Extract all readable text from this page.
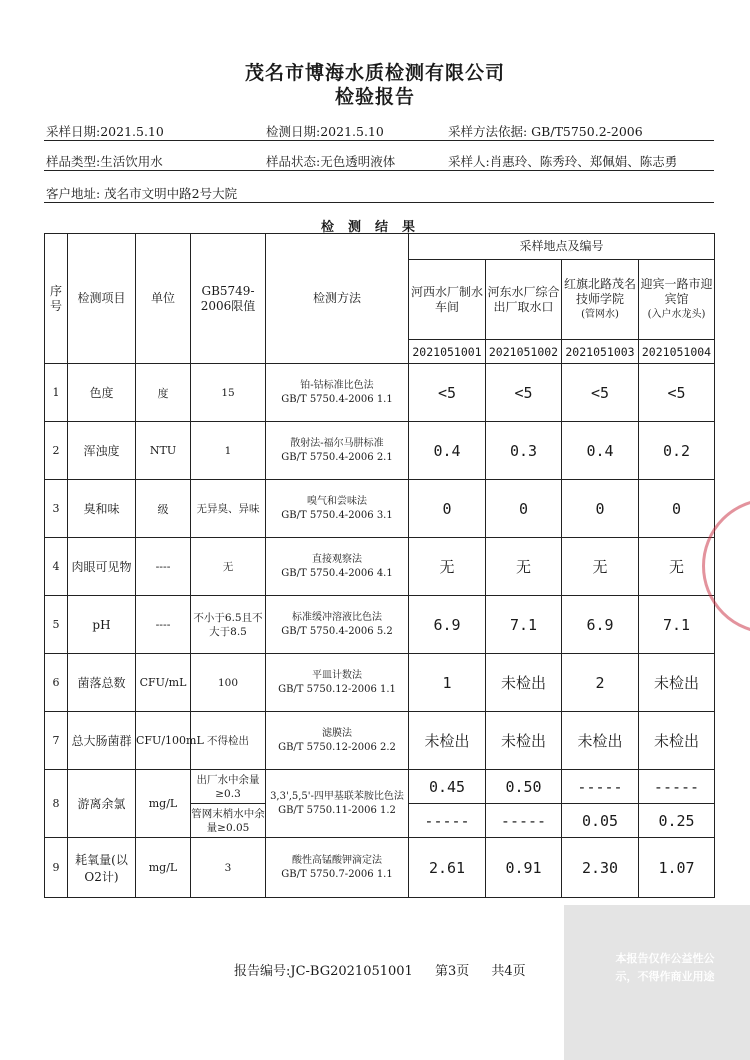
茂名市博海水质检测有限公司
检验报告
采样日期:2021.5.10	检测日期:2021.5.10	采样方法依据: GB/T5750.2-2006
样品类型:生活饮用水	样品状态:无色透明液体	采样人:肖惠玲、陈秀玲、郑佩娟、陈志勇
客户地址: 茂名市文明中路2号大院
检测结果
序号	检测项目	单位	GB5749-2006限值	检测方法	采样地点及编号			
					河西水厂制水车间	河东水厂综合出厂取水口	红旗北路茂名技师学院
(管网水)	迎宾一路市迎宾馆
(入户水龙头)

					2021051001	2021051002	2021051003	2021051004
1	色度	度	15	铂-钴标准比色法
GB/T 5750.4-2006 1.1	<5	<5	<5	<5
2	浑浊度	NTU	1	散射法-福尔马肼标准
GB/T 5750.4-2006 2.1	0.4	0.3	0.4	0.2
3	臭和味	级	无异臭、异味	嗅气和尝味法
GB/T 5750.4-2006 3.1	0	0	0	0
4	肉眼可见物	----	无	直接观察法
GB/T 5750.4-2006 4.1	无	无	无	无
5	pH	----	不小于6.5且不大于8.5	标准缓冲溶液比色法
GB/T 5750.4-2006 5.2	6.9	7.1	6.9	7.1
6	菌落总数	CFU/mL	100	平皿计数法
GB/T 5750.12-2006 1.1	1	未检出	2	未检出
7	总大肠菌群	CFU/100mL	不得检出	滤膜法
GB/T 5750.12-2006 2.2	未检出	未检出	未检出	未检出
8	游离余氯	mg/L	出厂水中余量≥0.3	3,3',5,5'-四甲基联苯胺比色法
GB/T 5750.11-2006 1.2	0.45	0.50	-----	-----
			管网末梢水中余量≥0.05		-----	-----	0.05	0.25
9	耗氧量(以O2计)	mg/L	3	酸性高锰酸钾滴定法
GB/T 5750.7-2006 1.1	2.61	0.91	2.30	1.07
本报告仅作公益性公
示，不得作商业用途
报告编号:JC-BG2021051001 第3页 共4页
